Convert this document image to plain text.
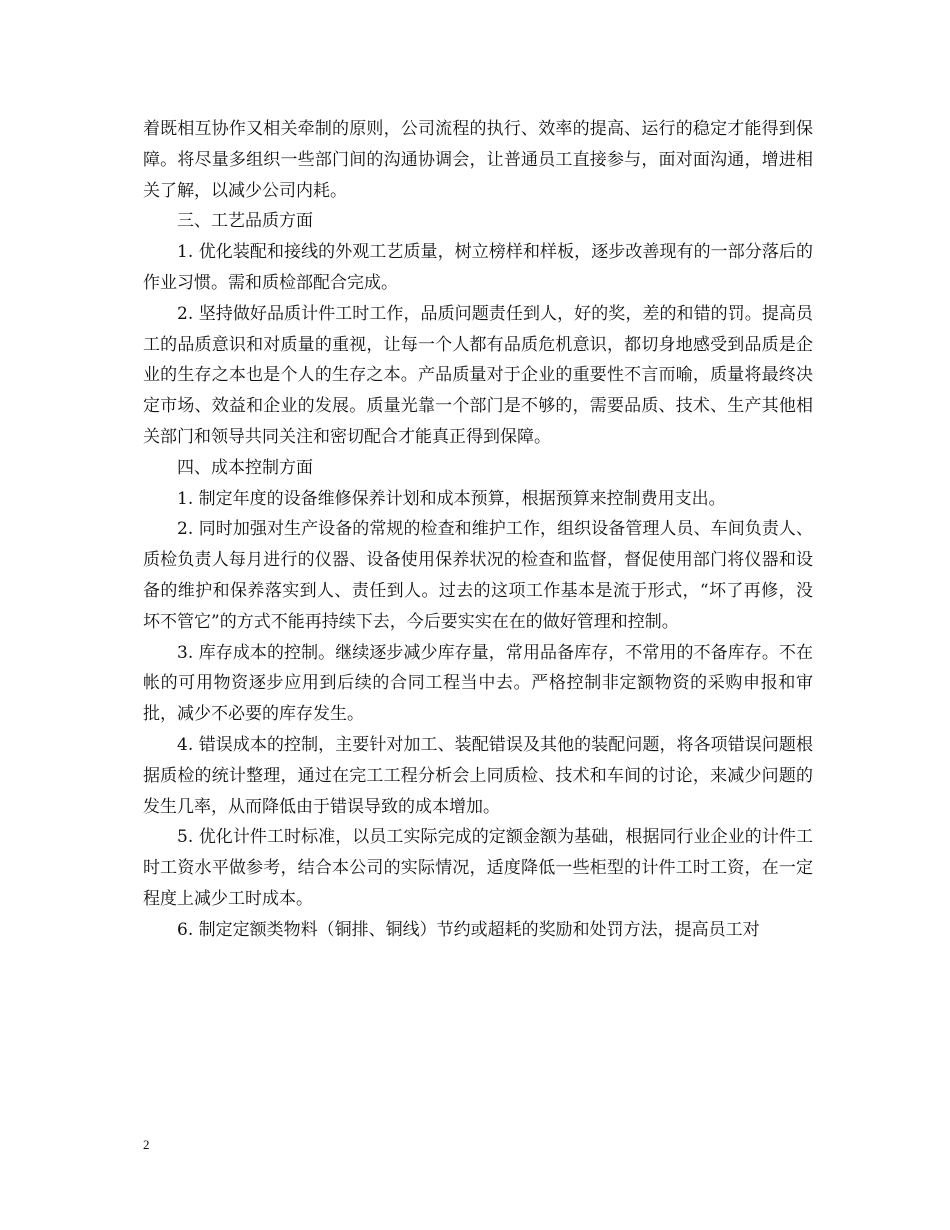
着既相互协作又相关牵制的原则，公司流程的执行、效率的提高、运行的稳定才能得到保障。将尽量多组织一些部门间的沟通协调会，让普通员工直接参与，面对面沟通，增进相关了解，以减少公司内耗。

三、工艺品质方面

1. 优化装配和接线的外观工艺质量，树立榜样和样板，逐步改善现有的一部分落后的作业习惯。需和质检部配合完成。

2. 坚持做好品质计件工时工作，品质问题责任到人，好的奖，差的和错的罚。提高员工的品质意识和对质量的重视，让每一个人都有品质危机意识，都切身地感受到品质是企业的生存之本也是个人的生存之本。产品质量对于企业的重要性不言而喻，质量将最终决定市场、效益和企业的发展。质量光靠一个部门是不够的，需要品质、技术、生产其他相关部门和领导共同关注和密切配合才能真正得到保障。

四、成本控制方面

1. 制定年度的设备维修保养计划和成本预算，根据预算来控制费用支出。

2. 同时加强对生产设备的常规的检查和维护工作，组织设备管理人员、车间负责人、质检负责人每月进行的仪器、设备使用保养状况的检查和监督，督促使用部门将仪器和设备的维护和保养落实到人、责任到人。过去的这项工作基本是流于形式，“坏了再修，没坏不管它”的方式不能再持续下去，今后要实实在在的做好管理和控制。

3. 库存成本的控制。继续逐步减少库存量，常用品备库存，不常用的不备库存。不在帐的可用物资逐步应用到后续的合同工程当中去。严格控制非定额物资的采购申报和审批，减少不必要的库存发生。

4. 错误成本的控制，主要针对加工、装配错误及其他的装配问题，将各项错误问题根据质检的统计整理，通过在完工工程分析会上同质检、技术和车间的讨论，来减少问题的发生几率，从而降低由于错误导致的成本增加。

5. 优化计件工时标准，以员工实际完成的定额金额为基础，根据同行业企业的计件工时工资水平做参考，结合本公司的实际情况，适度降低一些柜型的计件工时工资，在一定程度上减少工时成本。

6. 制定定额类物料（铜排、铜线）节约或超耗的奖励和处罚方法，提高员工对

2
